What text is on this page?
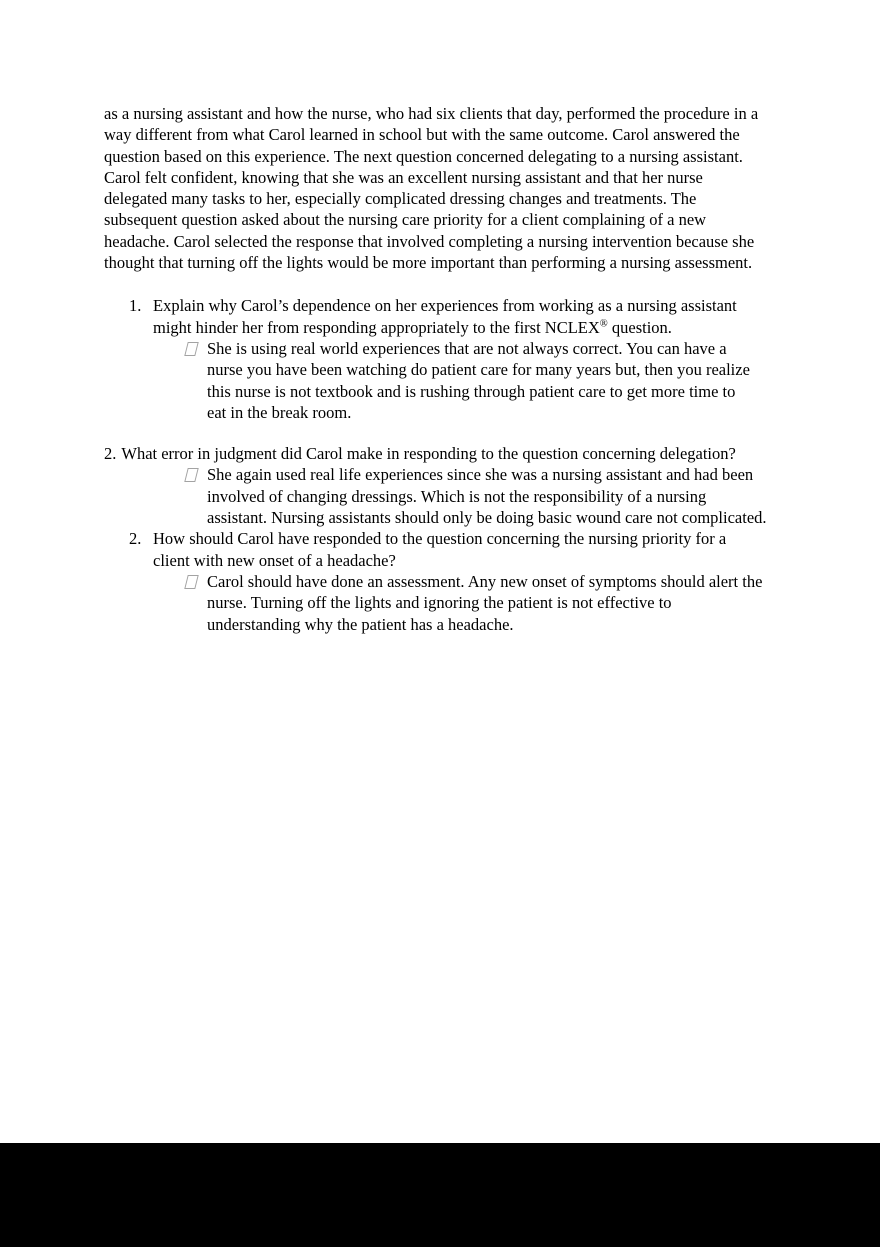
as a nursing assistant and how the nurse, who had six clients that day, performed the procedure in a way different from what Carol learned in school but with the same outcome. Carol answered the question based on this experience. The next question concerned delegating to a nursing assistant. Carol felt confident, knowing that she was an excellent nursing assistant and that her nurse delegated many tasks to her, especially complicated dressing changes and treatments. The subsequent question asked about the nursing care priority for a client complaining of a new headache. Carol selected the response that involved completing a nursing intervention because she thought that turning off the lights would be more important than performing a nursing assessment.

1. Explain why Carol’s dependence on her experiences from working as a nursing assistant might hinder her from responding appropriately to the first NCLEX® question.
She is using real world experiences that are not always correct. You can have a nurse you have been watching do patient care for many years but, then you realize this nurse is not textbook and is rushing through patient care to get more time to eat in the break room.
2. What error in judgment did Carol make in responding to the question concerning delegation?
She again used real life experiences since she was a nursing assistant and had been involved of changing dressings. Which is not the responsibility of a nursing assistant. Nursing assistants should only be doing basic wound care not complicated.
2. How should Carol have responded to the question concerning the nursing priority for a client with new onset of a headache?
Carol should have done an assessment. Any new onset of symptoms should alert the nurse. Turning off the lights and ignoring the patient is not effective to understanding why the patient has a headache.
